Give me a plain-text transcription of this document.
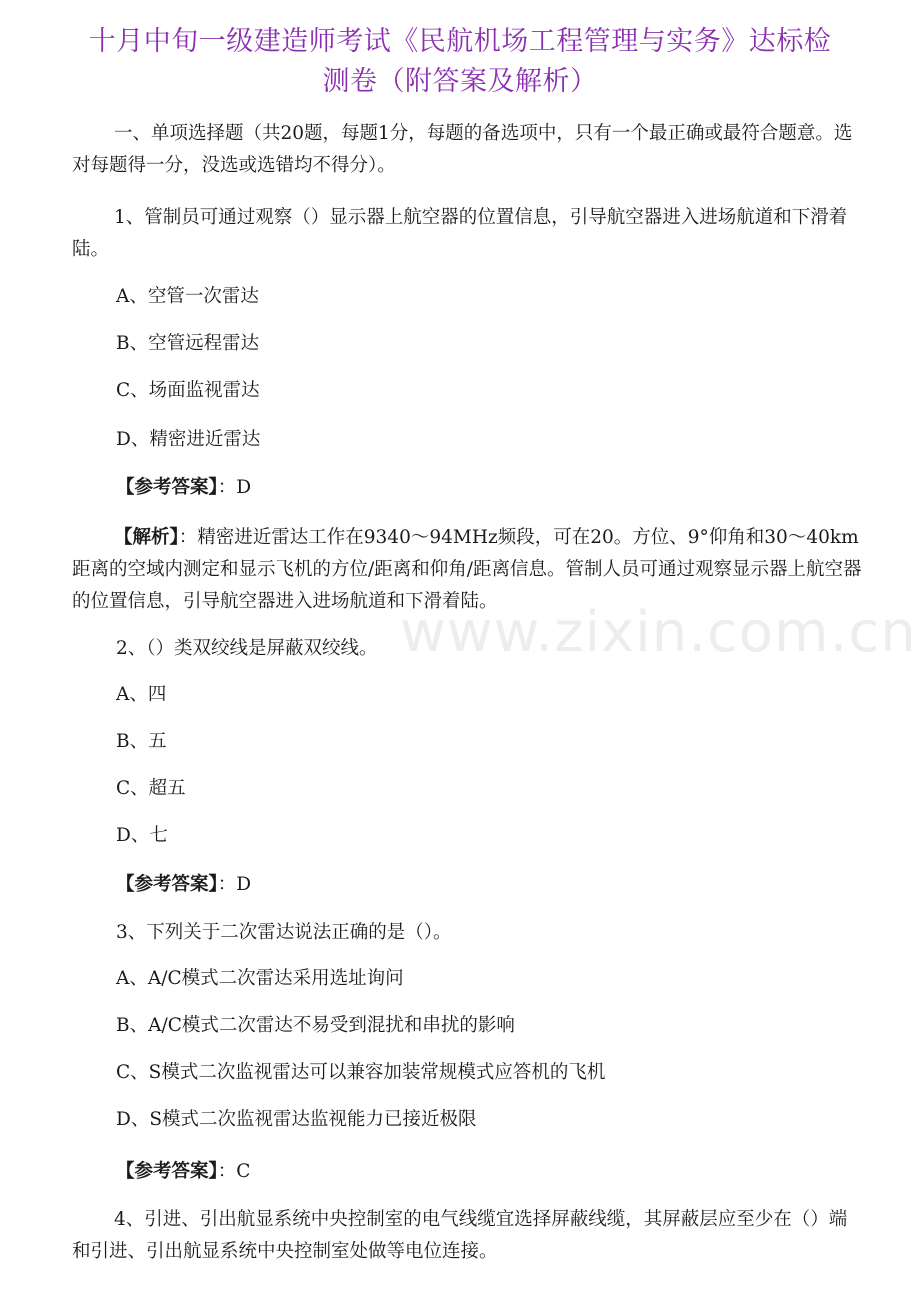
www.zixin.com.cn
十月中旬一级建造师考试《民航机场工程管理与实务》达标检
测卷（附答案及解析）

一、单项选择题（共20题，每题1分，每题的备选项中，只有一个最正确或最符合题意。选对每题得一分，没选或选错均不得分）。

1、管制员可通过观察（）显示器上航空器的位置信息，引导航空器进入进场航道和下滑着陆。

A、空管一次雷达

B、空管远程雷达

C、场面监视雷达

D、精密进近雷达

【参考答案】：D

【解析】：精密进近雷达工作在9340～94MHz频段，可在20。方位、9°仰角和30～40km距离的空域内测定和显示飞机的方位/距离和仰角/距离信息。管制人员可通过观察显示器上航空器的位置信息，引导航空器进入进场航道和下滑着陆。

2、（）类双绞线是屏蔽双绞线。

A、四

B、五

C、超五

D、七

【参考答案】：D

3、下列关于二次雷达说法正确的是（）。

A、A/C模式二次雷达采用选址询问

B、A/C模式二次雷达不易受到混扰和串扰的影响

C、S模式二次监视雷达可以兼容加装常规模式应答机的飞机

D、S模式二次监视雷达监视能力已接近极限

【参考答案】：C

4、引进、引出航显系统中央控制室的电气线缆宜选择屏蔽线缆，其屏蔽层应至少在（）端和引进、引出航显系统中央控制室处做等电位连接。
